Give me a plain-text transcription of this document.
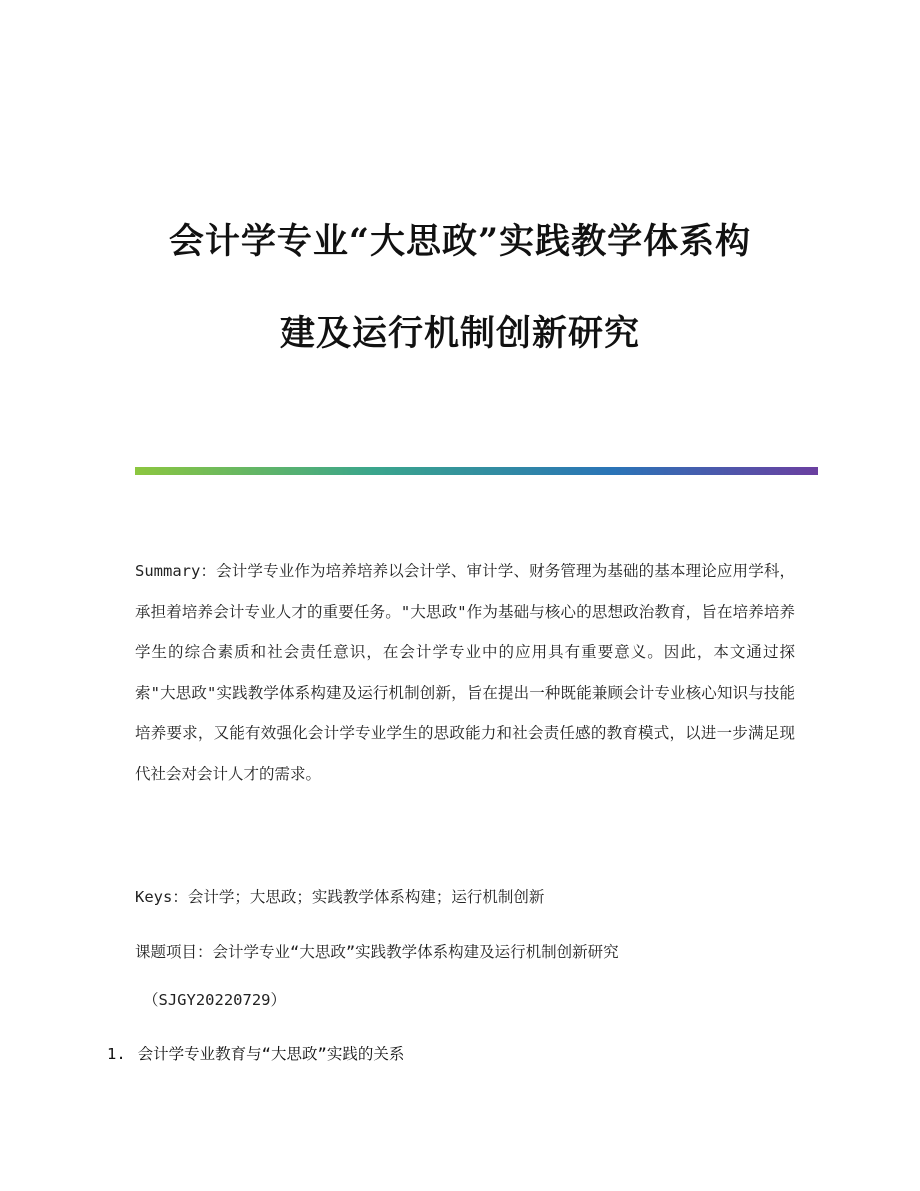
会计学专业“大思政”实践教学体系构
建及运行机制创新研究
Summary：会计学专业作为培养培养以会计学、审计学、财务管理为基础的基本理论应用学科，承担着培养会计专业人才的重要任务。"大思政"作为基础与核心的思想政治教育，旨在培养培养学生的综合素质和社会责任意识，在会计学专业中的应用具有重要意义。因此，本文通过探索"大思政"实践教学体系构建及运行机制创新，旨在提出一种既能兼顾会计专业核心知识与技能培养要求，又能有效强化会计学专业学生的思政能力和社会责任感的教育模式，以进一步满足现代社会对会计人才的需求。
Keys：会计学；大思政；实践教学体系构建；运行机制创新
课题项目：会计学专业“大思政”实践教学体系构建及运行机制创新研究
（SJGY20220729）
1. 会计学专业教育与“大思政”实践的关系
